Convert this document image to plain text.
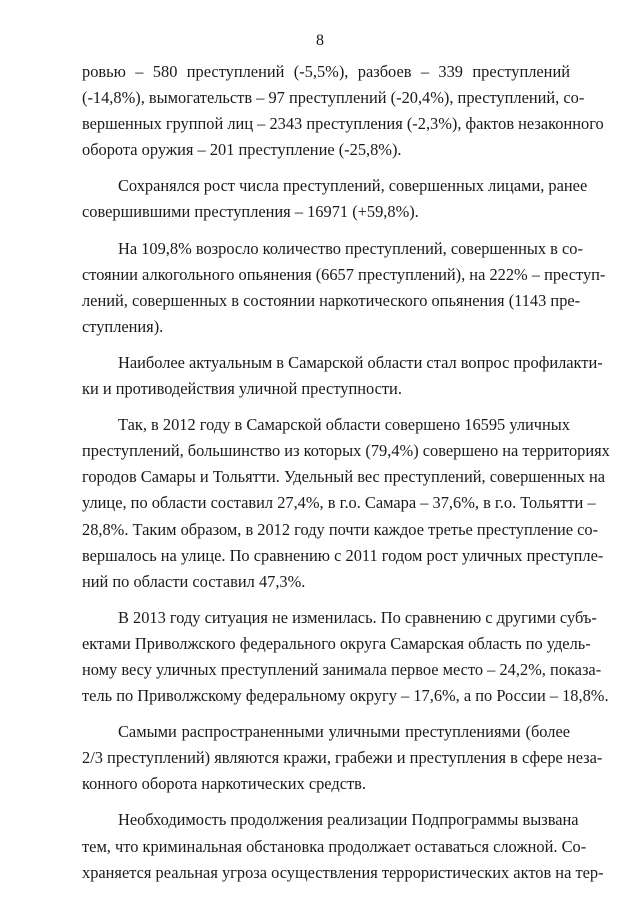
8
ровью – 580 преступлений (-5,5%), разбоев – 339 преступлений
(-14,8%), вымогательств – 97 преступлений (-20,4%), преступлений, со-
вершенных группой лиц – 2343 преступления (-2,3%), фактов незаконного
оборота оружия – 201 преступление (-25,8%).
Сохранялся рост числа преступлений, совершенных лицами, ранее
совершившими преступления – 16971 (+59,8%).
На 109,8% возросло количество преступлений, совершенных в со-
стоянии алкогольного опьянения (6657 преступлений), на 222% – преступ-
лений, совершенных в состоянии наркотического опьянения (1143 пре-
ступления).
Наиболее актуальным в Самарской области стал вопрос профилакти-
ки и противодействия уличной преступности.
Так, в 2012 году в Самарской области совершено 16595 уличных
преступлений, большинство из которых (79,4%) совершено на территориях
городов Самары и Тольятти. Удельный вес преступлений, совершенных на
улице, по области составил 27,4%, в г.о. Самара – 37,6%, в г.о. Тольятти –
28,8%. Таким образом, в 2012 году почти каждое третье преступление со-
вершалось на улице. По сравнению с 2011 годом рост уличных преступле-
ний по области составил 47,3%.
В 2013 году ситуация не изменилась. По сравнению с другими субъ-
ектами Приволжского федерального округа Самарская область по удель-
ному весу уличных преступлений занимала первое место – 24,2%, показа-
тель по Приволжскому федеральному округу – 17,6%, а по России – 18,8%.
Самыми распространенными уличными преступлениями (более
2/3 преступлений) являются кражи, грабежи и преступления в сфере неза-
конного оборота наркотических средств.
Необходимость продолжения реализации Подпрограммы вызвана
тем, что криминальная обстановка продолжает оставаться сложной. Со-
храняется реальная угроза осуществления террористических актов на тер-
